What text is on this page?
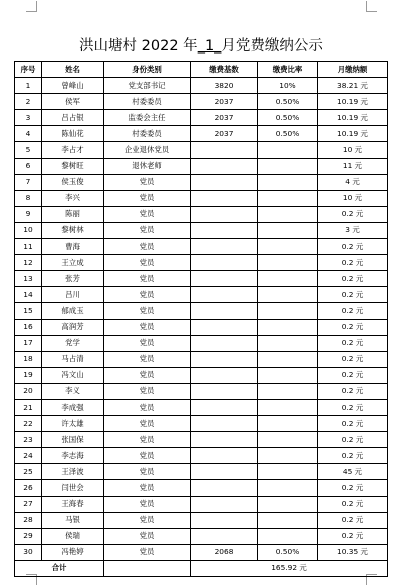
洪山塘村 2022 年_1_月党费缴纳公示
序号	姓名	身份类别	缴费基数	缴费比率	月缴纳额
1	曾峰山	党支部书记	3820	10%	38.21 元
2	侯军	村委委员	2037	0.50%	10.19 元
3	吕占银	监委会主任	2037	0.50%	10.19 元
4	陈仙花	村委委员	2037	0.50%	10.19 元
5	李占才	企业退休党员			10 元
6	黎树旺	退休老师			11 元
7	侯玉俊	党员			4 元
8	李兴	党员			10 元
9	陈丽	党员			0.2 元
10	黎树林	党员			3 元
11	曹海	党员			0.2 元
12	王立成	党员			0.2 元
13	张芳	党员			0.2 元
14	吕川	党员			0.2 元
15	郁成玉	党员			0.2 元
16	高润芳	党员			0.2 元
17	党学	党员			0.2 元
18	马占清	党员			0.2 元
19	冯文山	党员			0.2 元
20	李义	党员			0.2 元
21	李成强	党员			0.2 元
22	许太雄	党员			0.2 元
23	张国保	党员			0.2 元
24	李志海	党员			0.2 元
25	王泽波	党员			45 元
26	闫世会	党员			0.2 元
27	王海春	党员			0.2 元
28	马银	党员			0.2 元
29	侯瑞	党员			0.2 元
30	冯艳婷	党员	2068	0.50%	10.35 元
合计			165.92 元		
